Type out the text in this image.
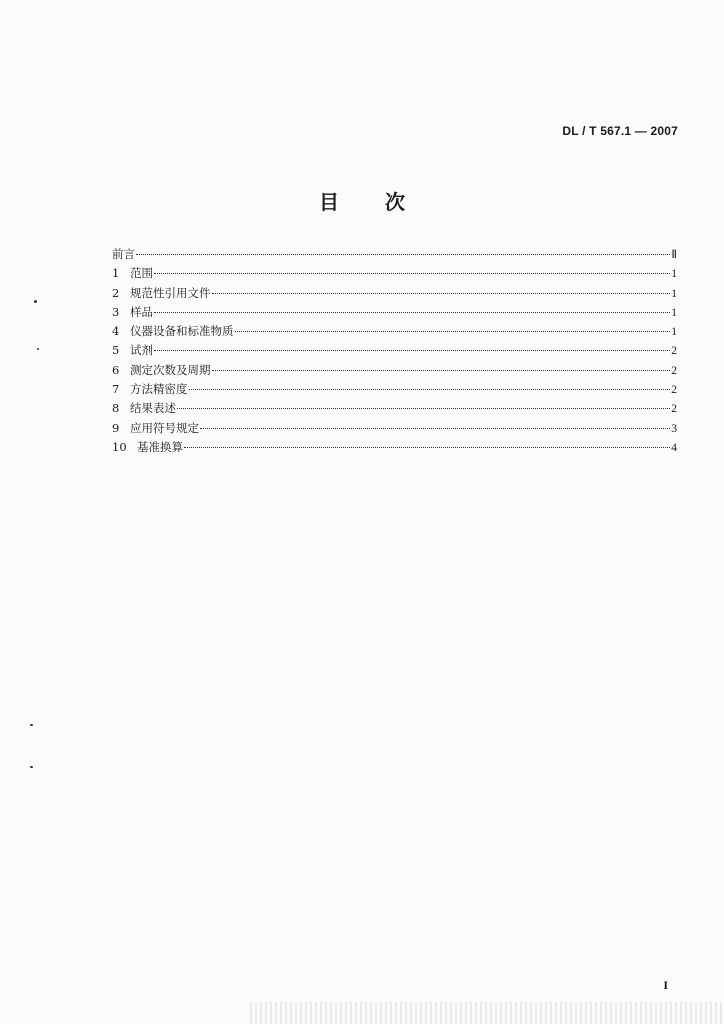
DL / T 567.1 — 2007
目 次
前言	Ⅱ
1 范围	1
2 规范性引用文件	1
3 样品	1
4 仪器设备和标准物质	1
5 试剂	2
6 测定次数及周期	2
7 方法精密度	2
8 结果表述	2
9 应用符号规定	3
10 基准换算	4
I
